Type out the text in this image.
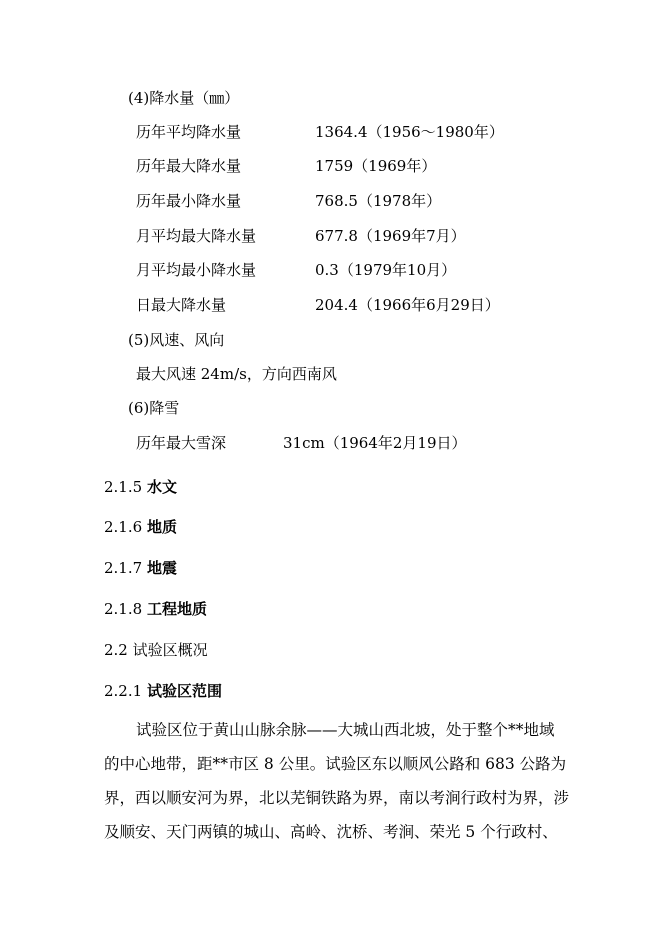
(4)降水量（㎜）
历年平均降水量	1364.4（1956～1980年）
历年最大降水量	1759（1969年）
历年最小降水量	768.5（1978年）
月平均最大降水量	677.8（1969年7月）
月平均最小降水量	0.3（1979年10月）
日最大降水量	204.4（1966年6月29日）
(5)风速、风向
最大风速 24m/s，方向西南风
(6)降雪
历年最大雪深	31cm（1964年2月19日）
2.1.5 水文
2.1.6 地质
2.1.7 地震
2.1.8 工程地质
2.2 试验区概况
2.2.1 试验区范围
试验区位于黄山山脉余脉——大城山西北坡，处于整个**地域
的中心地带，距**市区 8 公里。试验区东以顺风公路和 683 公路为
界，西以顺安河为界，北以芜铜铁路为界，南以考涧行政村为界，涉
及顺安、天门两镇的城山、高岭、沈桥、考涧、荣光 5 个行政村、
